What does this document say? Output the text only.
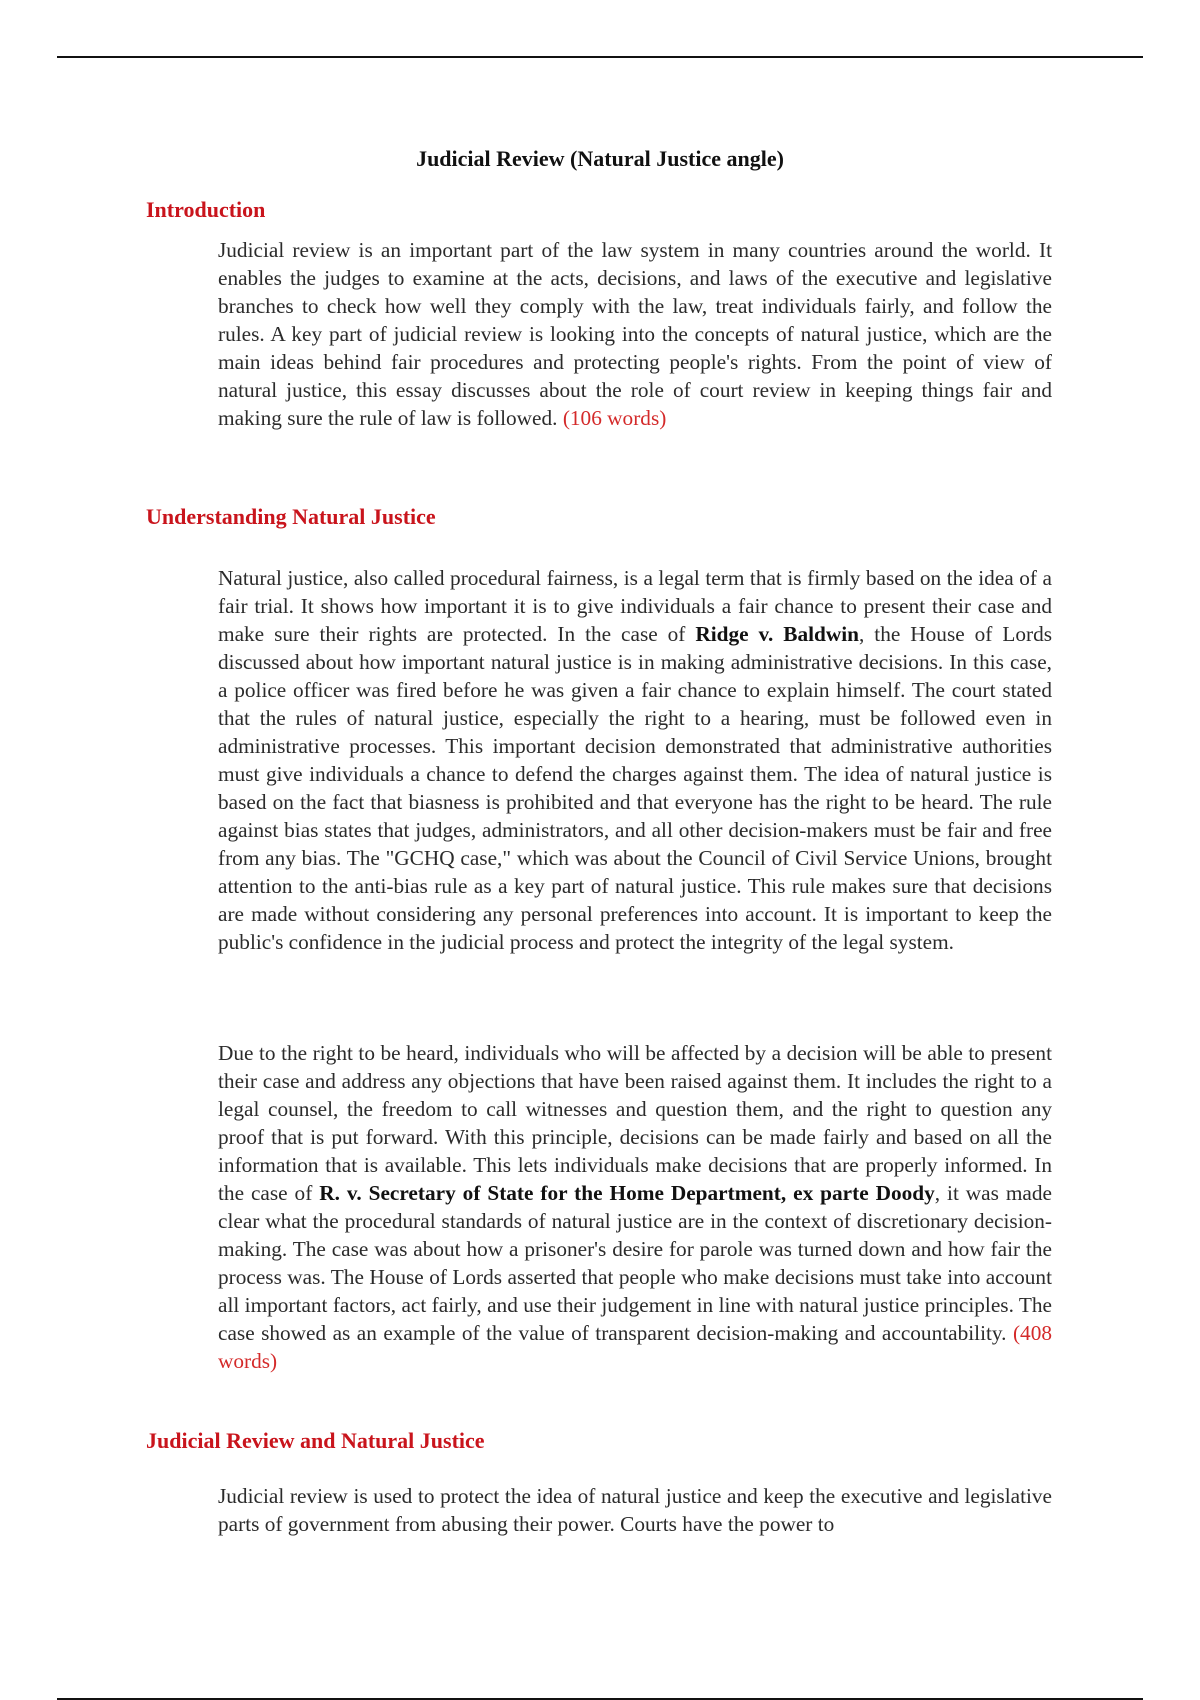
Judicial Review (Natural Justice angle)
Introduction

Judicial review is an important part of the law system in many countries around the world. It enables the judges to examine at the acts, decisions, and laws of the executive and legislative branches to check how well they comply with the law, treat individuals fairly, and follow the rules. A key part of judicial review is looking into the concepts of natural justice, which are the main ideas behind fair procedures and protecting people's rights. From the point of view of natural justice, this essay discusses about the role of court review in keeping things fair and making sure the rule of law is followed. (106 words)

Understanding Natural Justice

Natural justice, also called procedural fairness, is a legal term that is firmly based on the idea of a fair trial. It shows how important it is to give individuals a fair chance to present their case and make sure their rights are protected. In the case of Ridge v. Baldwin, the House of Lords discussed about how important natural justice is in making administrative decisions. In this case, a police officer was fired before he was given a fair chance to explain himself. The court stated that the rules of natural justice, especially the right to a hearing, must be followed even in administrative processes. This important decision demonstrated that administrative authorities must give individuals a chance to defend the charges against them. The idea of natural justice is based on the fact that biasness is prohibited and that everyone has the right to be heard. The rule against bias states that judges, administrators, and all other decision-makers must be fair and free from any bias. The "GCHQ case," which was about the Council of Civil Service Unions, brought attention to the anti-bias rule as a key part of natural justice. This rule makes sure that decisions are made without considering any personal preferences into account. It is important to keep the public's confidence in the judicial process and protect the integrity of the legal system.

Due to the right to be heard, individuals who will be affected by a decision will be able to present their case and address any objections that have been raised against them. It includes the right to a legal counsel, the freedom to call witnesses and question them, and the right to question any proof that is put forward. With this principle, decisions can be made fairly and based on all the information that is available. This lets individuals make decisions that are properly informed. In the case of R. v. Secretary of State for the Home Department, ex parte Doody, it was made clear what the procedural standards of natural justice are in the context of discretionary decision-making. The case was about how a prisoner's desire for parole was turned down and how fair the process was. The House of Lords asserted that people who make decisions must take into account all important factors, act fairly, and use their judgement in line with natural justice principles. The case showed as an example of the value of transparent decision-making and accountability. (408 words)

Judicial Review and Natural Justice

Judicial review is used to protect the idea of natural justice and keep the executive and legislative parts of government from abusing their power. Courts have the power to
